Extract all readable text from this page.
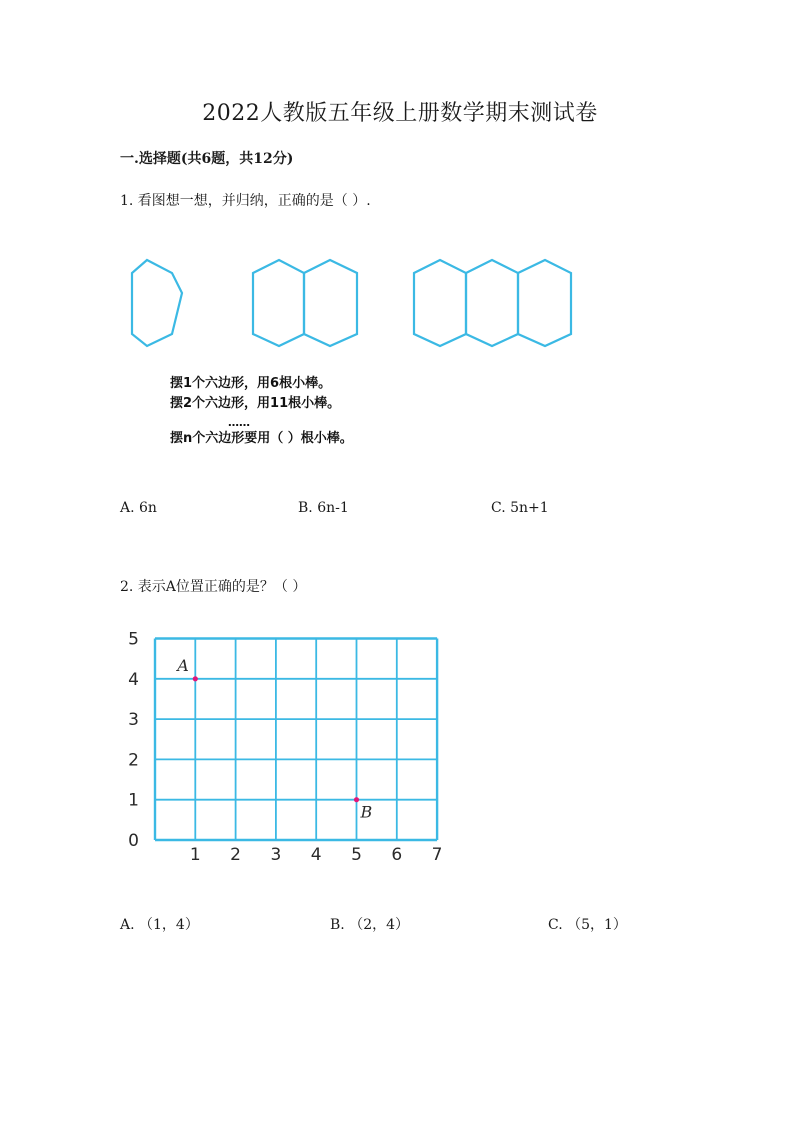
2022人教版五年级上册数学期末测试卷
一.选择题(共6题，共12分)
1. 看图想一想，并归纳，正确的是（ ）.
摆1个六边形，用6根小棒。
摆2个六边形，用11根小棒。
……
摆n个六边形要用（ ）根小棒。
A. 6n	B. 6n-1	C. 5n+1
2. 表示A位置正确的是？（ ）
1 2 3 4 5 6 7
0
1
2
3
4
5
A
B
A. （1，4）	B. （2，4）	C. （5，1）
